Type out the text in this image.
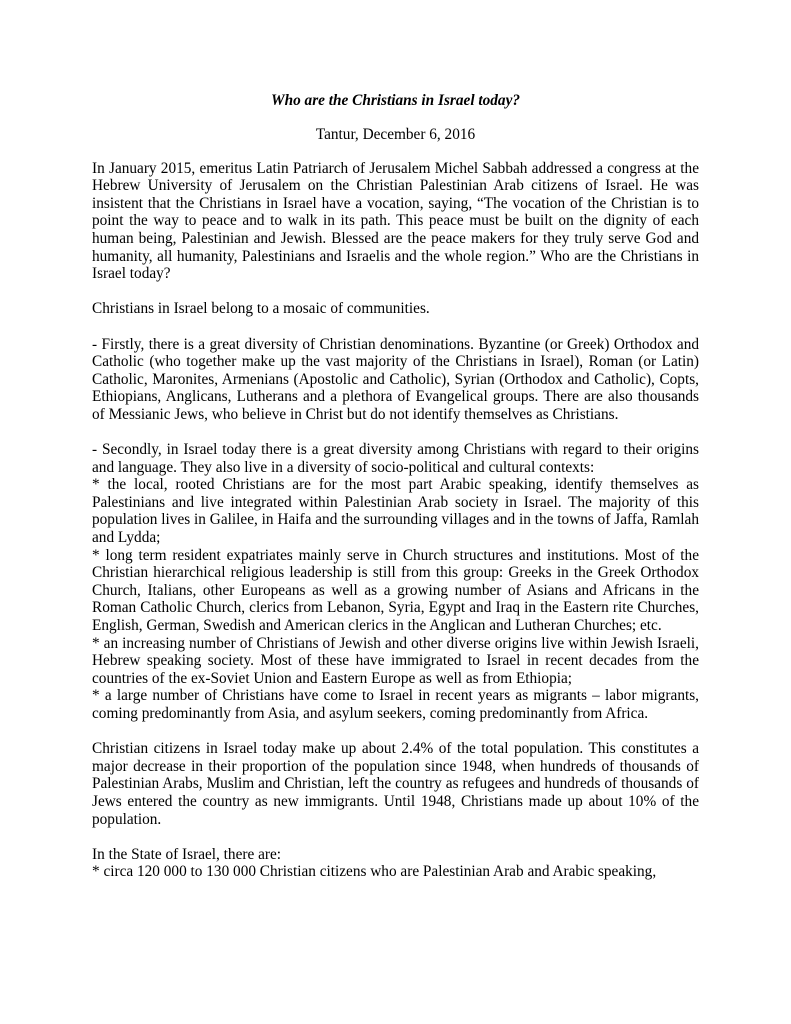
Who are the Christians in Israel today?

Tantur, December 6, 2016

In January 2015, emeritus Latin Patriarch of Jerusalem Michel Sabbah addressed a congress at the Hebrew University of Jerusalem on the Christian Palestinian Arab citizens of Israel. He was insistent that the Christians in Israel have a vocation, saying, “The vocation of the Christian is to point the way to peace and to walk in its path. This peace must be built on the dignity of each human being, Palestinian and Jewish. Blessed are the peace makers for they truly serve God and humanity, all humanity, Palestinians and Israelis and the whole region.” Who are the Christians in Israel today?

Christians in Israel belong to a mosaic of communities.

- Firstly, there is a great diversity of Christian denominations. Byzantine (or Greek) Orthodox and Catholic (who together make up the vast majority of the Christians in Israel), Roman (or Latin) Catholic, Maronites, Armenians (Apostolic and Catholic), Syrian (Orthodox and Catholic), Copts, Ethiopians, Anglicans, Lutherans and a plethora of Evangelical groups. There are also thousands of Messianic Jews, who believe in Christ but do not identify themselves as Christians.

- Secondly, in Israel today there is a great diversity among Christians with regard to their origins and language. They also live in a diversity of socio-political and cultural contexts:

* the local, rooted Christians are for the most part Arabic speaking, identify themselves as Palestinians and live integrated within Palestinian Arab society in Israel. The majority of this population lives in Galilee, in Haifa and the surrounding villages and in the towns of Jaffa, Ramlah and Lydda;

* long term resident expatriates mainly serve in Church structures and institutions. Most of the Christian hierarchical religious leadership is still from this group: Greeks in the Greek Orthodox Church, Italians, other Europeans as well as a growing number of Asians and Africans in the Roman Catholic Church, clerics from Lebanon, Syria, Egypt and Iraq in the Eastern rite Churches, English, German, Swedish and American clerics in the Anglican and Lutheran Churches; etc.

* an increasing number of Christians of Jewish and other diverse origins live within Jewish Israeli, Hebrew speaking society. Most of these have immigrated to Israel in recent decades from the countries of the ex-Soviet Union and Eastern Europe as well as from Ethiopia;

* a large number of Christians have come to Israel in recent years as migrants – labor migrants, coming predominantly from Asia, and asylum seekers, coming predominantly from Africa.

Christian citizens in Israel today make up about 2.4% of the total population. This constitutes a major decrease in their proportion of the population since 1948, when hundreds of thousands of Palestinian Arabs, Muslim and Christian, left the country as refugees and hundreds of thousands of Jews entered the country as new immigrants. Until 1948, Christians made up about 10% of the population.

In the State of Israel, there are:

* circa 120 000 to 130 000 Christian citizens who are Palestinian Arab and Arabic speaking,
